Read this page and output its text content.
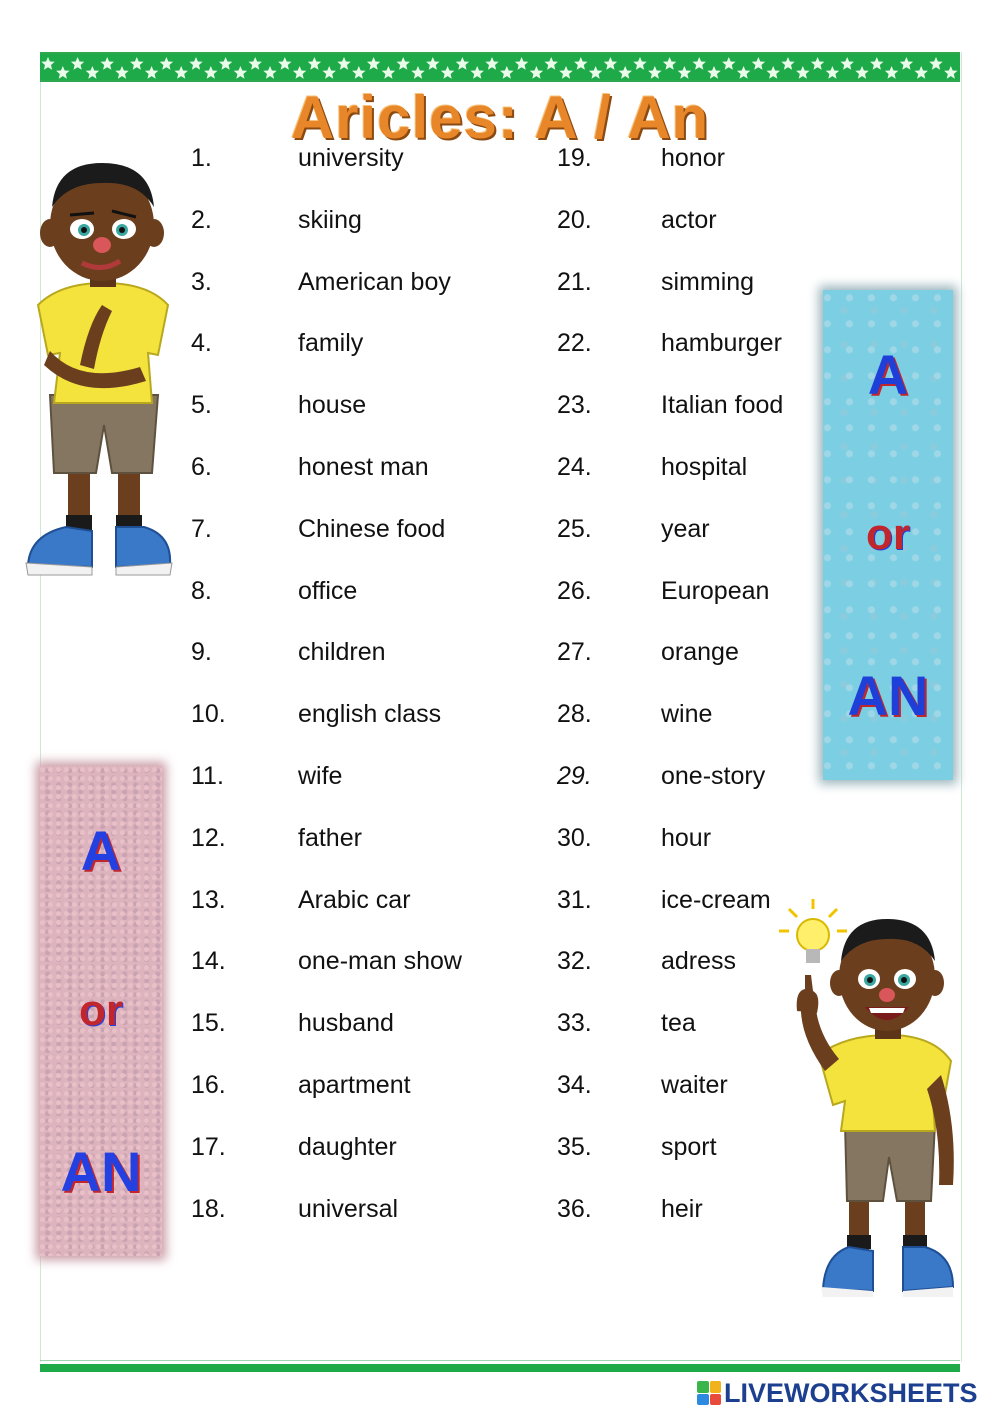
Aricles: A / An
1.	university
2.	skiing
3.	American boy
4.	family
5.	house
6.	honest man
7.	Chinese food
8.	office
9.	children
10.	english class
11.	wife
12.	father
13.	Arabic car
14.	one-man show
15.	husband
16.	apartment
17.	daughter
18.	universal
19.	honor
20.	actor
21.	simming
22.	hamburger
23.	Italian food
24.	hospital
25.	year
26.	European
27.	orange
28.	wine
29.	one-story
30.	hour
31.	ice-cream
32.	adress
33.	tea
34.	waiter
35.	sport
36.	heir
A
or
AN
A
or
AN
LIVEWORKSHEETS
